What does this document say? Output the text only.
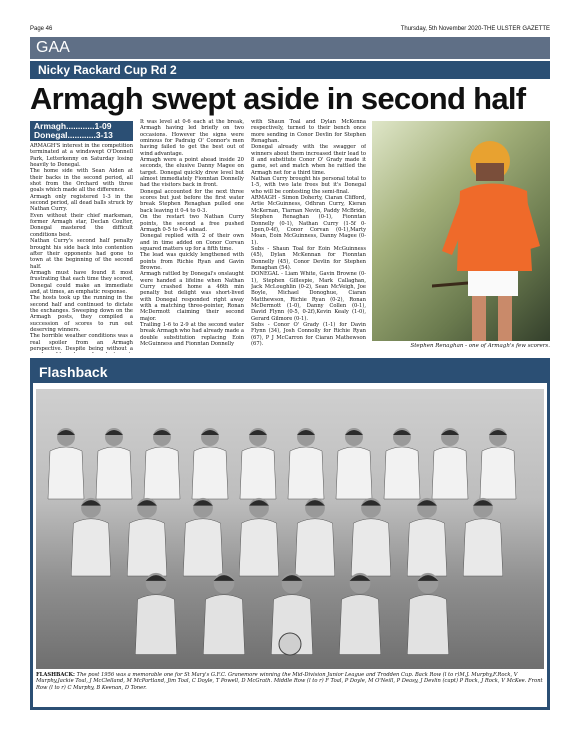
Page 46	Thursday, 5th November 2020-THE ULSTER GAZETTE
GAA
Nicky Rackard Cup Rd 2
Armagh swept aside in second half
Armagh............1-09
Donegal............3-13

ARMAGH'S interest in the competition terminated at a windswept O'Donnell Park, Letterkenny on Saturday losing heavily to Donegal.

The home side with Sean Aiden at their backs in the second period, all shot from the Orchard with three goals which made all the difference.

Armagh only registered 1-3 in the second period, all dead balls struck by Nathan Curry.

Even without their chief marksman, former Armagh star, Declan Coulter, Donegal mastered the difficult conditions best.

Nathan Curry's second half penalty brought his side back into contention after their opponents had gone to town at the beginning of the second half.

Armagh must have found it most frustrating that each time they scored, Donegal could make an immediate and, at times, an emphatic response.

The hosts took up the running in the second half and continued to dictate the exchanges. Sweeping down on the Armagh posts, they compiled a succession of scores to run out deserving winners.

The horrible weather conditions was a real spoiler from an Armagh perspective. Despite being without a

It was level at 0-6 each at the break, Armagh having led briefly on two occasions. However the signs were ominous for Padraig O' Connor's men having failed to get the best out of wind advantage.

Armagh were a point ahead inside 20 seconds, the elusive Danny Magee on target. Donegal quickly drew level but almost immediately Fionntan Donnelly had the visitors back in front.

Donegal accounted for the next three scores but just before the first water break Stephen Renaghan pulled one back leaving it 0-4 to 0-3.

On the restart two Nathan Curry points, the second a free pushed Armagh 0-5 to 0-4 ahead.

Donegal replied with 2 of their own and in time added on Conor Corvan squared matters up for a fifth time.

The lead was quickly lengthened with points from Richie Ryan and Gavin Browne.

Armagh rattled by Donegal's onslaught were handed a lifeline when Nathan Curry crashed home a 46th min penalty but delight was short-lived with Donegal responded right away with a matching three-pointer, Ronan McDermott claiming their second major.

Trailing 1-6 to 2-9 at the second water break Armagh who had already made a double substitution replacing Eoin McGuinness and Fionntan Donnelly

with Shaun Toal and Dylan McKenna respectively, turned to their bench once more sending in Conor Devlin for Stephen Renaghan.

Donegal already with the swagger of winners about them increased their lead to 8 and substitute Conor O' Grady made it game, set and match when he rattled the Armagh net for a third time.

Nathan Curry brought his personal total to 1-5, with two late frees but it's Donegal who will be contesting the semi-final.

ARMAGH - Simon Doherty, Ciaran Clifford, Artie McGuinness, Odhran Curry, Kieran McKernan, Tiarnan Nevin, Paddy McBride, Stephen Renaghan (0-1), Fionntan Donnelly (0-1), Nathan Curry (1-5f 0-1pen,0-4f), Conor Corvan (0-1),Marty Moan, Eoin McGuinness, Danny Magee (0-1).

Subs - Shaun Toal for Eoin McGuinness (45), Dylan McKennan for Fionntan Donnelly (45), Conor Devlin for Stephen Renaghan (54).

DONEGAL - Liam White, Gavin Browne (0-1), Stephen Gillespie, Mark Callaghan, Jack McLoughlin (0-2), Sean McVeigh, Joe Boyle, Michael Donoghue, Ciaran Matthewson, Richie Ryan (0-2), Ronan McDermott (1-0), Danny Collen (0-1), David Flynn (0-5, 0-2f),Kevin Kealy (1-0), Gerard Gilmore (0-1).

Subs - Conor O' Grady (1-1) for Davin Flynn (34), Josh Connolly for Richie Ryan (67), P J McCarron for Ciaran Mathewson (67).	Stephen Renaghan - one of Armagh's few scorers.
Flashback
FLASHBACK: The post 1956 was a memorable one for St Mary's G.F.C. Granemore winning the Mid-Division Junior League and Trodden Cup. Back Row (l to r)M.J. Murphy,F.Rock, V Murphy,Jackie Toal, J McClelland, M McPartland, Jim Toal, C Doyle, T Powell, D McGrath. Middle Row (l to r) F Toal, P Doyle, M O'Neill, P Deasy, J Devlin (capt) P Rock, J Rock, V McKee. Front Row (l to r) C Murphy, B Keenan, D Toner.
